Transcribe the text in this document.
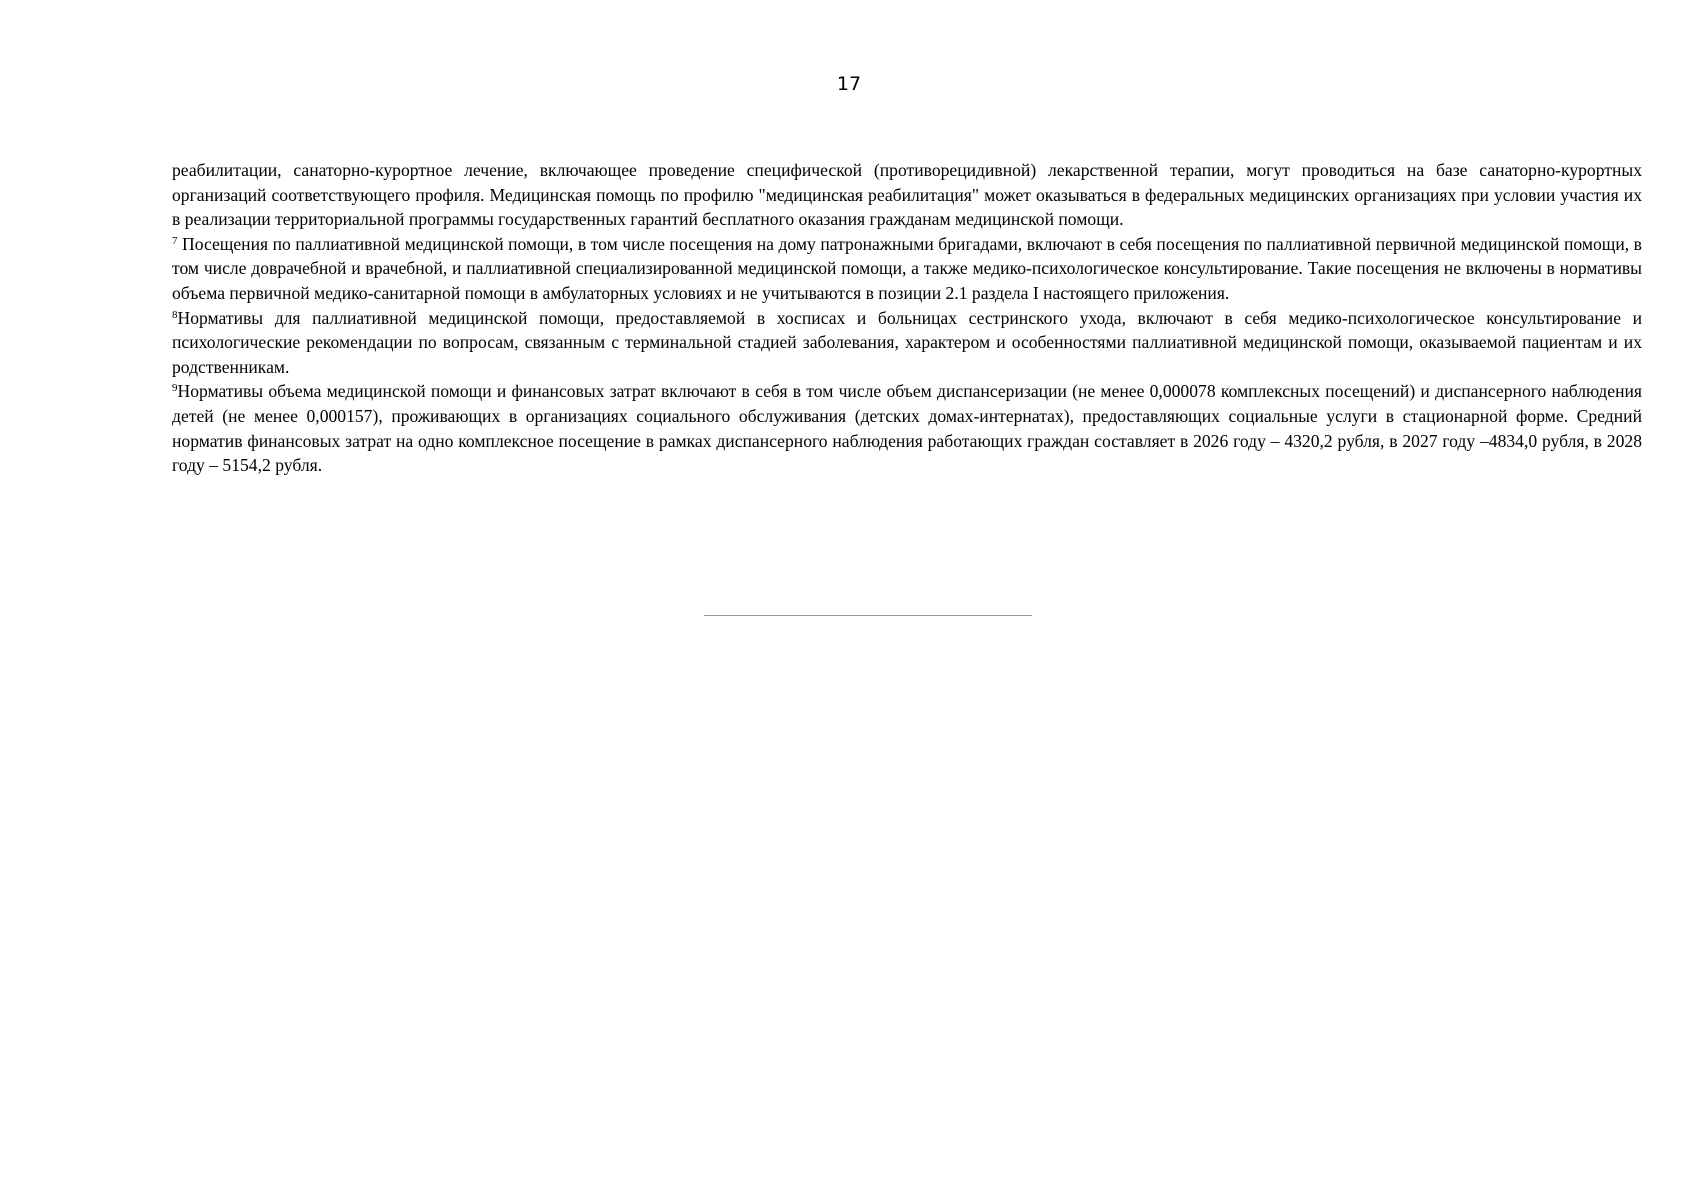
17

реабилитации, санаторно-курортное лечение, включающее проведение специфической (противорецидивной) лекарственной терапии, могут проводиться на базе санаторно-курортных организаций соответствующего профиля. Медицинская помощь по профилю "медицинская реабилитация" может оказываться в федеральных медицинских организациях при условии участия их в реализации территориальной программы государственных гарантий бесплатного оказания гражданам медицинской помощи.

$^7$ Посещения по паллиативной медицинской помощи, в том числе посещения на дому патронажными бригадами, включают в себя посещения по паллиативной первичной медицинской помощи, в том числе доврачебной и врачебной, и паллиативной специализированной медицинской помощи, а также медико-психологическое консультирование. Такие посещения не включены в нормативы объема первичной медико-санитарной помощи в амбулаторных условиях и не учитываются в позиции 2.1 раздела I настоящего приложения.

$^8$Нормативы для паллиативной медицинской помощи, предоставляемой в хосписах и больницах сестринского ухода, включают в себя медико-психологическое консультирование и психологические рекомендации по вопросам, связанным с терминальной стадией заболевания, характером и особенностями паллиативной медицинской помощи, оказываемой пациентам и их родственникам.

$^9$Нормативы объема медицинской помощи и финансовых затрат включают в себя в том числе объем диспансеризации (не менее 0,000078 комплексных посещений) и диспансерного наблюдения детей (не менее 0,000157), проживающих в организациях социального обслуживания (детских домах-интернатах), предоставляющих социальные услуги в стационарной форме. Средний норматив финансовых затрат на одно комплексное посещение в рамках диспансерного наблюдения работающих граждан составляет в 2026 году – 4320,2 рубля, в 2027 году –4834,0 рубля, в 2028 году – 5154,2 рубля.
